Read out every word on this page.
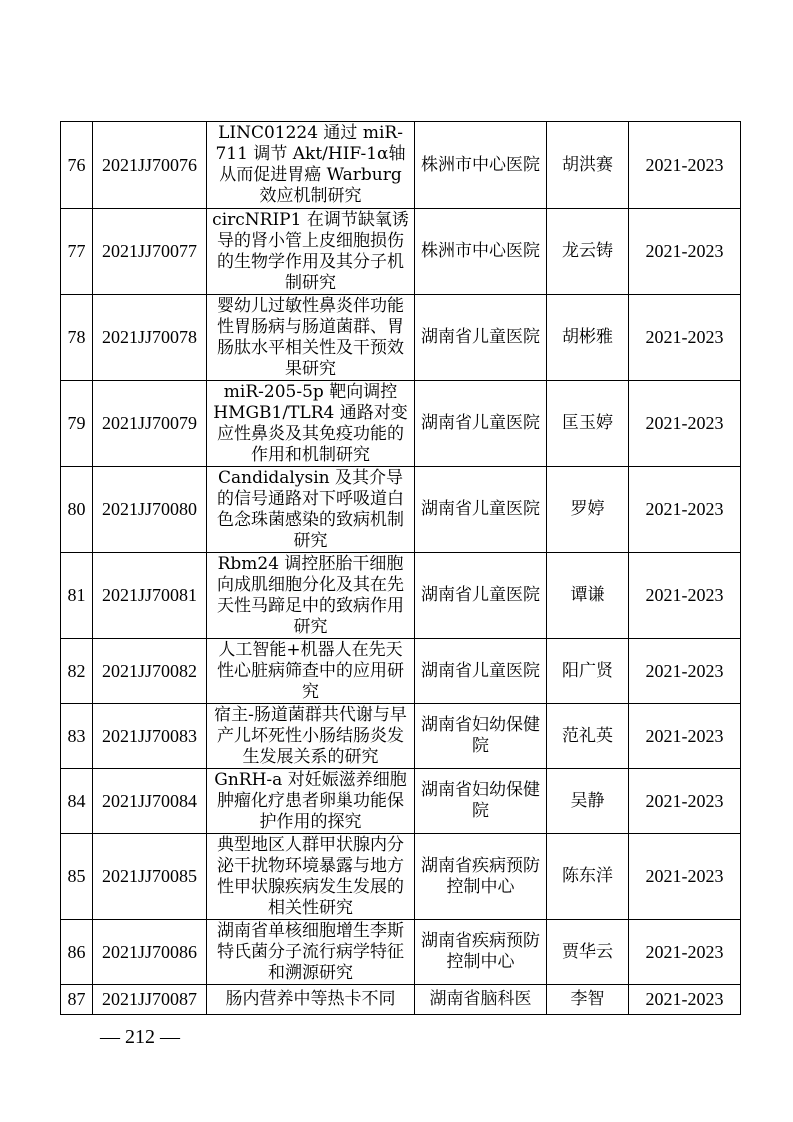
76	2021JJ70076	LINC01224 通过 miR-711 调节 Akt/HIF-1α轴从而促进胃癌 Warburg 效应机制研究	株洲市中心医院	胡洪赛	2021-2023
77	2021JJ70077	circNRIP1 在调节缺氧诱导的肾小管上皮细胞损伤的生物学作用及其分子机制研究	株洲市中心医院	龙云铸	2021-2023
78	2021JJ70078	婴幼儿过敏性鼻炎伴功能性胃肠病与肠道菌群、胃肠肽水平相关性及干预效果研究	湖南省儿童医院	胡彬雅	2021-2023
79	2021JJ70079	miR-205-5p 靶向调控 HMGB1/TLR4 通路对变应性鼻炎及其免疫功能的作用和机制研究	湖南省儿童医院	匡玉婷	2021-2023
80	2021JJ70080	Candidalysin 及其介导的信号通路对下呼吸道白色念珠菌感染的致病机制研究	湖南省儿童医院	罗婷	2021-2023
81	2021JJ70081	Rbm24 调控胚胎干细胞向成肌细胞分化及其在先天性马蹄足中的致病作用研究	湖南省儿童医院	谭谦	2021-2023
82	2021JJ70082	人工智能+机器人在先天性心脏病筛查中的应用研究	湖南省儿童医院	阳广贤	2021-2023
83	2021JJ70083	宿主-肠道菌群共代谢与早产儿坏死性小肠结肠炎发生发展关系的研究	湖南省妇幼保健院	范礼英	2021-2023
84	2021JJ70084	GnRH-a 对妊娠滋养细胞肿瘤化疗患者卵巢功能保护作用的探究	湖南省妇幼保健院	吴静	2021-2023
85	2021JJ70085	典型地区人群甲状腺内分泌干扰物环境暴露与地方性甲状腺疾病发生发展的相关性研究	湖南省疾病预防控制中心	陈东洋	2021-2023
86	2021JJ70086	湖南省单核细胞增生李斯特氏菌分子流行病学特征和溯源研究	湖南省疾病预防控制中心	贾华云	2021-2023
87	2021JJ70087	肠内营养中等热卡不同	湖南省脑科医	李智	2021-2023
— 212 —
